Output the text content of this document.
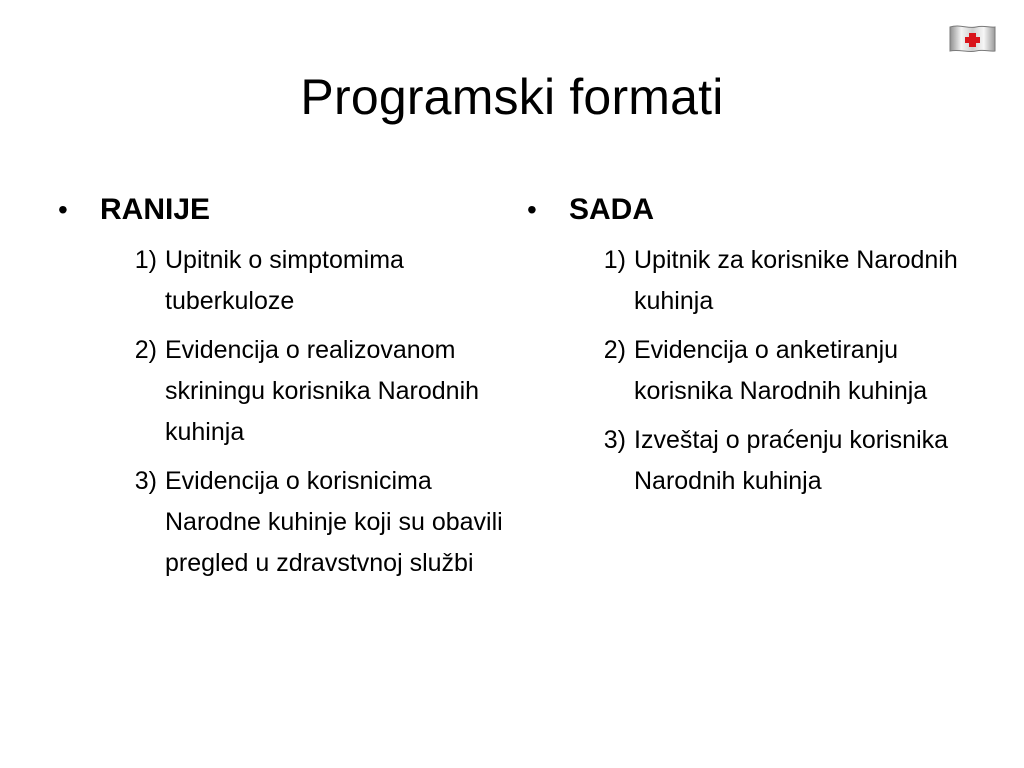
Programski formati
•	RANIJE
1) Upitnik o simptomima tuberkuloze
2) Evidencija o realizovanom skriningu korisnika Narodnih kuhinja
3) Evidencija o korisnicima Narodne kuhinje koji su obavili pregled u zdravstvnoj službi
•	SADA
1) Upitnik za korisnike Narodnih kuhinja
2) Evidencija o anketiranju korisnika Narodnih kuhinja
3) Izveštaj o praćenju korisnika Narodnih kuhinja
